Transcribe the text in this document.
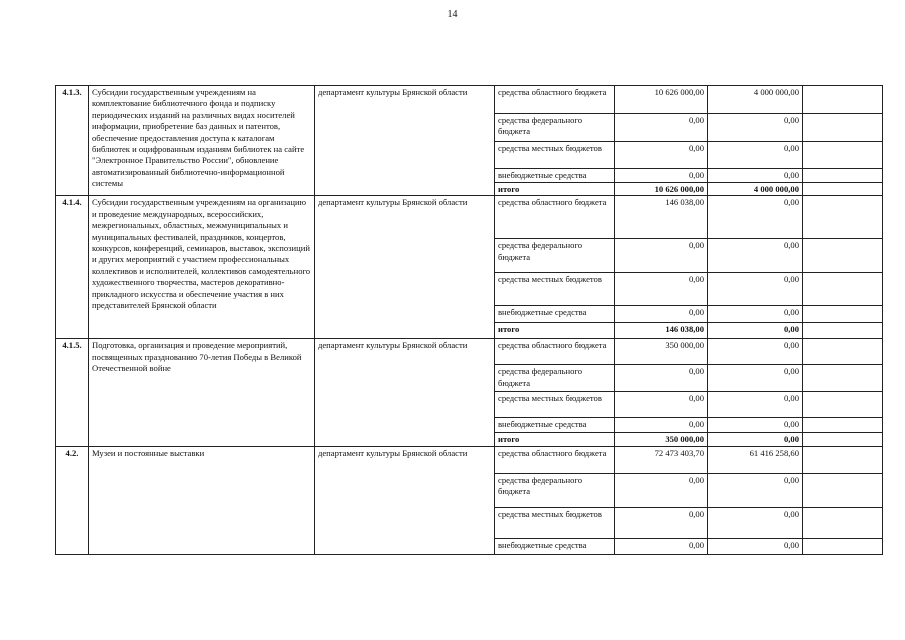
14
4.1.3.	Субсидии государственным учреждениям на комплектование библиотечного фонда и подписку периодических изданий на различных видах носителей информации, приобретение баз данных и патентов, обеспечение предоставления доступа к каталогам библиотек и оцифрованным изданиям библиотек на сайте "Электронное Правительство России", обновление автоматизированный библиотечно-информационной системы	департамент культуры Брянской области	средства областного бюджета	10 626 000,00	4 000 000,00	
			средства федерального бюджета	0,00	0,00	
			средства местных бюджетов	0,00	0,00	
			внебюджетные средства	0,00	0,00	
			итого	10 626 000,00	4 000 000,00	
4.1.4.	Субсидии государственным учреждениям на организацию и проведение международных, всероссийских, межрегиональных, областных, межмуниципальных и муниципальных фестивалей, праздников, концертов, конкурсов, конференций, семинаров, выставок, экспозиций и других мероприятий с участием профессиональных коллективов и исполнителей, коллективов самодеятельного художественного творчества, мастеров декоративно-прикладного искусства и обеспечение участия в них представителей Брянской области	департамент культуры Брянской области	средства областного бюджета	146 038,00	0,00	
			средства федерального бюджета	0,00	0,00	
			средства местных бюджетов	0,00	0,00	
			внебюджетные средства	0,00	0,00	
			итого	146 038,00	0,00	
4.1.5.	Подготовка, организация и проведение мероприятий, посвященных празднованию 70-летия Победы в Великой Отечественной войне	департамент культуры Брянской области	средства областного бюджета	350 000,00	0,00	
			средства федерального бюджета	0,00	0,00	
			средства местных бюджетов	0,00	0,00	
			внебюджетные средства	0,00	0,00	
			итого	350 000,00	0,00	
4.2.	Музеи и постоянные выставки	департамент культуры Брянской области	средства областного бюджета	72 473 403,70	61 416 258,60	
			средства федерального бюджета	0,00	0,00	
			средства местных бюджетов	0,00	0,00	
			внебюджетные средства	0,00	0,00	
